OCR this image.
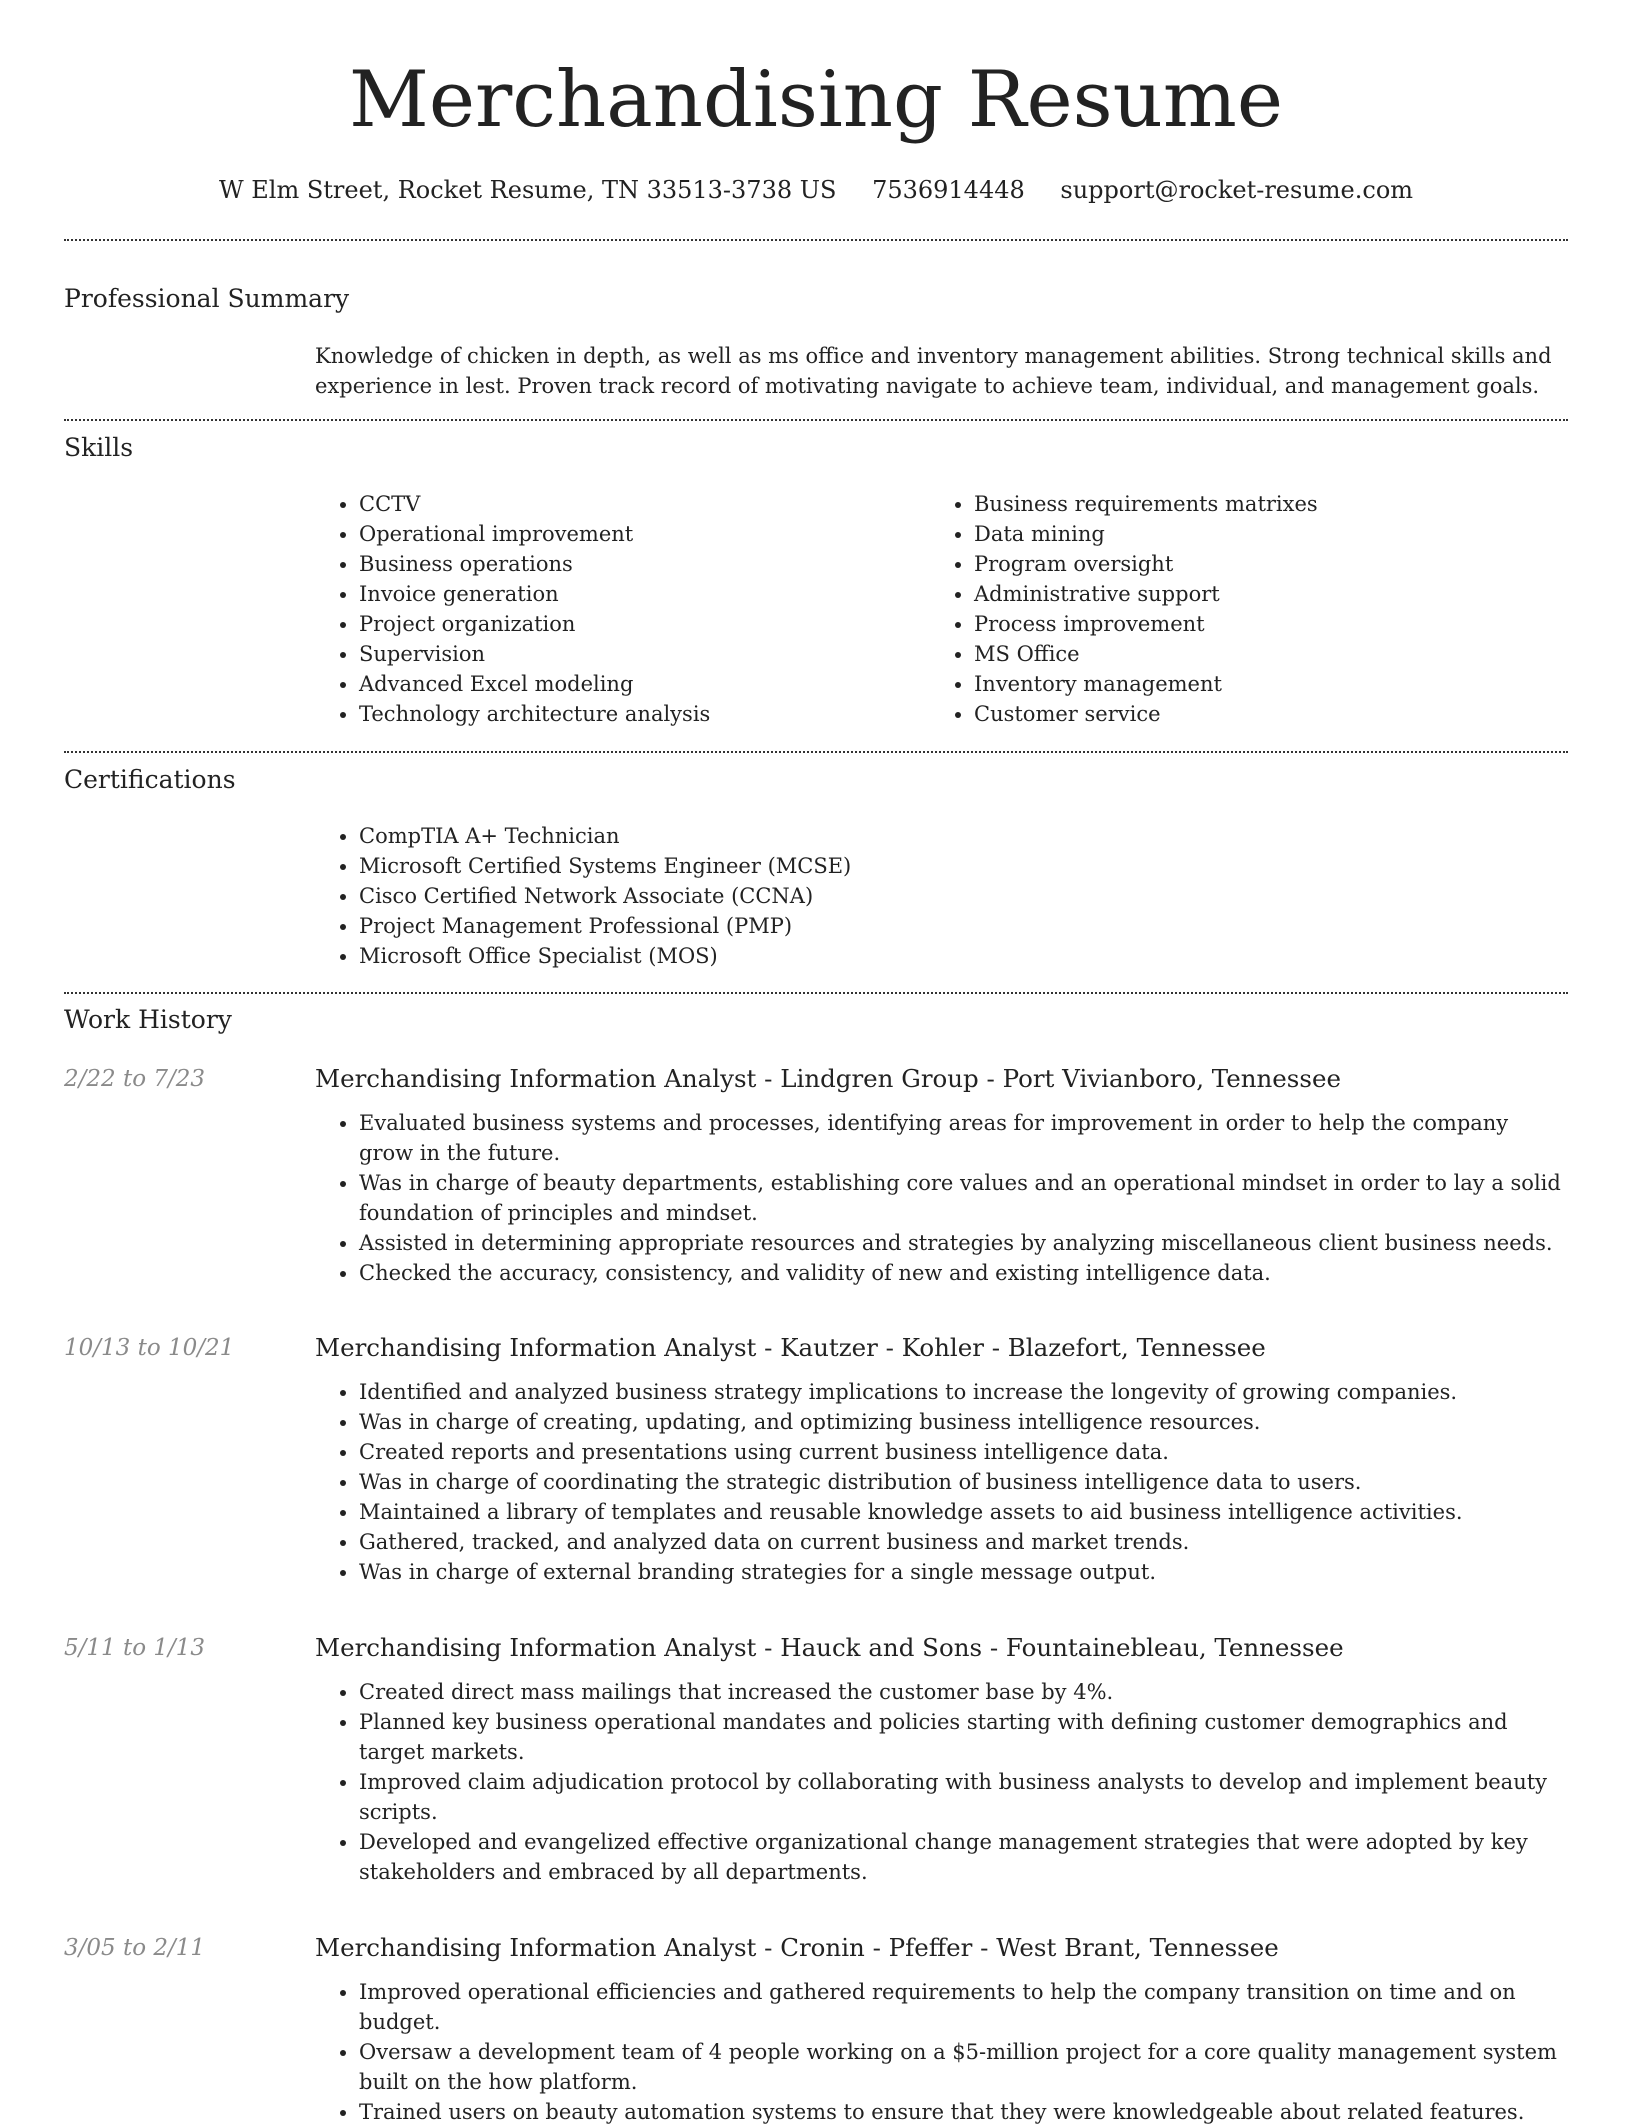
Merchandising Resume
W Elm Street, Rocket Resume, TN 33513-3738 US 7536914448 support@rocket-resume.com
Professional Summary

Knowledge of chicken in depth, as well as ms office and inventory management abilities. Strong technical skills and experience in lest. Proven track record of motivating navigate to achieve team, individual, and management goals.

Skills
• CCTV
• Operational improvement
• Business operations
• Invoice generation
• Project organization
• Supervision
• Advanced Excel modeling
• Technology architecture analysis
• Business requirements matrixes
• Data mining
• Program oversight
• Administrative support
• Process improvement
• MS Office
• Inventory management
• Customer service
Certifications
• CompTIA A+ Technician
• Microsoft Certified Systems Engineer (MCSE)
• Cisco Certified Network Associate (CCNA)
• Project Management Professional (PMP)
• Microsoft Office Specialist (MOS)
Work History
2/22 to 7/23	Merchandising Information Analyst - Lindgren Group - Port Vivianboro, Tennessee
• Evaluated business systems and processes, identifying areas for improvement in order to help the company grow in the future.
• Was in charge of beauty departments, establishing core values and an operational mindset in order to lay a solid foundation of principles and mindset.
• Assisted in determining appropriate resources and strategies by analyzing miscellaneous client business needs.
• Checked the accuracy, consistency, and validity of new and existing intelligence data.
10/13 to 10/21	Merchandising Information Analyst - Kautzer - Kohler - Blazefort, Tennessee
• Identified and analyzed business strategy implications to increase the longevity of growing companies.
• Was in charge of creating, updating, and optimizing business intelligence resources.
• Created reports and presentations using current business intelligence data.
• Was in charge of coordinating the strategic distribution of business intelligence data to users.
• Maintained a library of templates and reusable knowledge assets to aid business intelligence activities.
• Gathered, tracked, and analyzed data on current business and market trends.
• Was in charge of external branding strategies for a single message output.
5/11 to 1/13	Merchandising Information Analyst - Hauck and Sons - Fountainebleau, Tennessee
• Created direct mass mailings that increased the customer base by 4%.
• Planned key business operational mandates and policies starting with defining customer demographics and target markets.
• Improved claim adjudication protocol by collaborating with business analysts to develop and implement beauty scripts.
• Developed and evangelized effective organizational change management strategies that were adopted by key stakeholders and embraced by all departments.
3/05 to 2/11	Merchandising Information Analyst - Cronin - Pfeffer - West Brant, Tennessee
• Improved operational efficiencies and gathered requirements to help the company transition on time and on budget.
• Oversaw a development team of 4 people working on a $5-million project for a core quality management system built on the how platform.
• Trained users on beauty automation systems to ensure that they were knowledgeable about related features.
